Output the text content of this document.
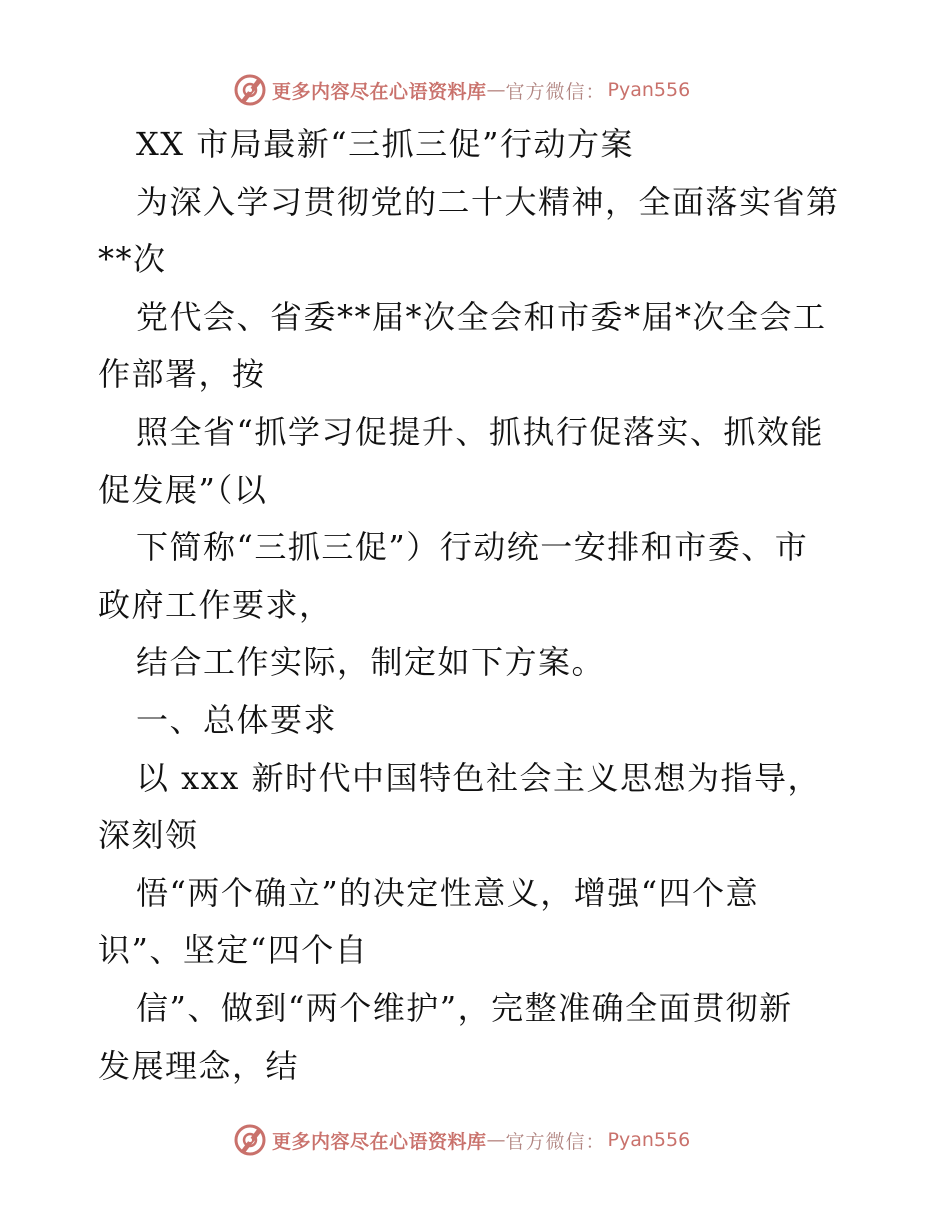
更多内容尽在心语资料库 — 官方微信： Pyan556
XX 市局最新“三抓三促”行动方案
为深入学习贯彻党的二十大精神，全面落实省第
**次
党代会、省委**届*次全会和市委*届*次全会工
作部署，按
照全省“抓学习促提升、抓执行促落实、抓效能
促发展”（以
下简称“三抓三促”）行动统一安排和市委、市
政府工作要求，
结合工作实际，制定如下方案。
一、总体要求
以 xxx 新时代中国特色社会主义思想为指导，
深刻领
悟“两个确立”的决定性意义，增强“四个意
识”、坚定“四个自
信”、做到“两个维护”，完整准确全面贯彻新
发展理念，结
更多内容尽在心语资料库 — 官方微信： Pyan556
